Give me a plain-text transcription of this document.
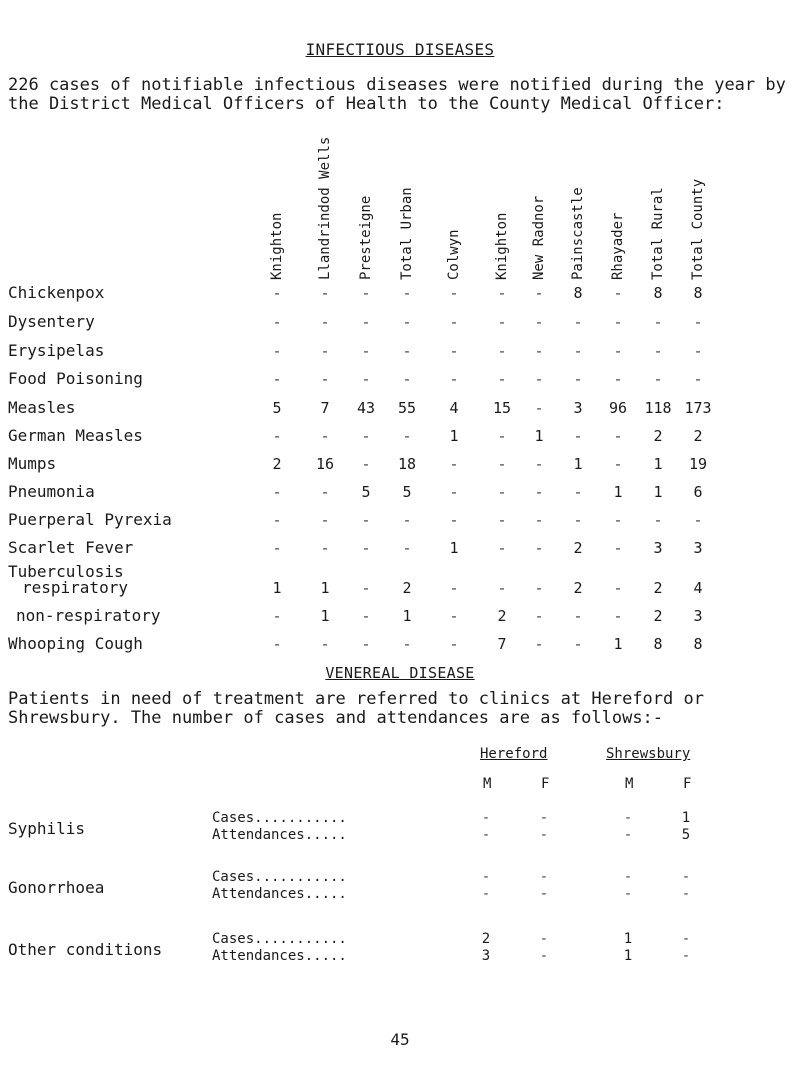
INFECTIOUS DISEASES
226 cases of notifiable infectious diseases were notified during the year by the District Medical Officers of Health to the County Medical Officer:
Knighton	Llandrindod Wells	Presteigne	Total Urban	Colwyn	Knighton	New Radnor	Painscastle	Rhayader	Total Rural	Total County
Chickenpox	-	-	-	-	-	-	-	8	-	8	8
Dysentery	-	-	-	-	-	-	-	-	-	-	-
Erysipelas	-	-	-	-	-	-	-	-	-	-	-
Food Poisoning	-	-	-	-	-	-	-	-	-	-	-
Measles	5	7	43	55	4	15	-	3	96	118 173
German Measles	-	-	-	-	1	-	1	-	-	2	2
Mumps	2	16	-	18	-	-	-	1	-	1	19
Pneumonia	-	-	5	5	-	-	-	-	1	1	6
Puerperal Pyrexia	-	-	-	-	-	-	-	-	-	-	-
Scarlet Fever	-	-	-	-	1	-	-	2	-	3	3
Tuberculosis
respiratory	1	1	-	2	-	-	-	2	-	2	4
non-respiratory	-	1	-	1	-	2	-	-	-	2	3
Whooping Cough	-	-	-	-	-	7	-	-	1	8	8
VENEREAL DISEASE
Patients in need of treatment are referred to clinics at Hereford or Shrewsbury. The number of cases and attendances are as follows:-
Hereford	Shrewsbury
M	F	M	F
Syphilis
Cases...........	-	-	-	1
Attendances.....	-	-	-	5
Gonorrhoea
Cases...........	-	-	-	-
Attendances.....	-	-	-	-
Other conditions
Cases...........	2	-	1	-
Attendances.....	3	-	1	-
45
